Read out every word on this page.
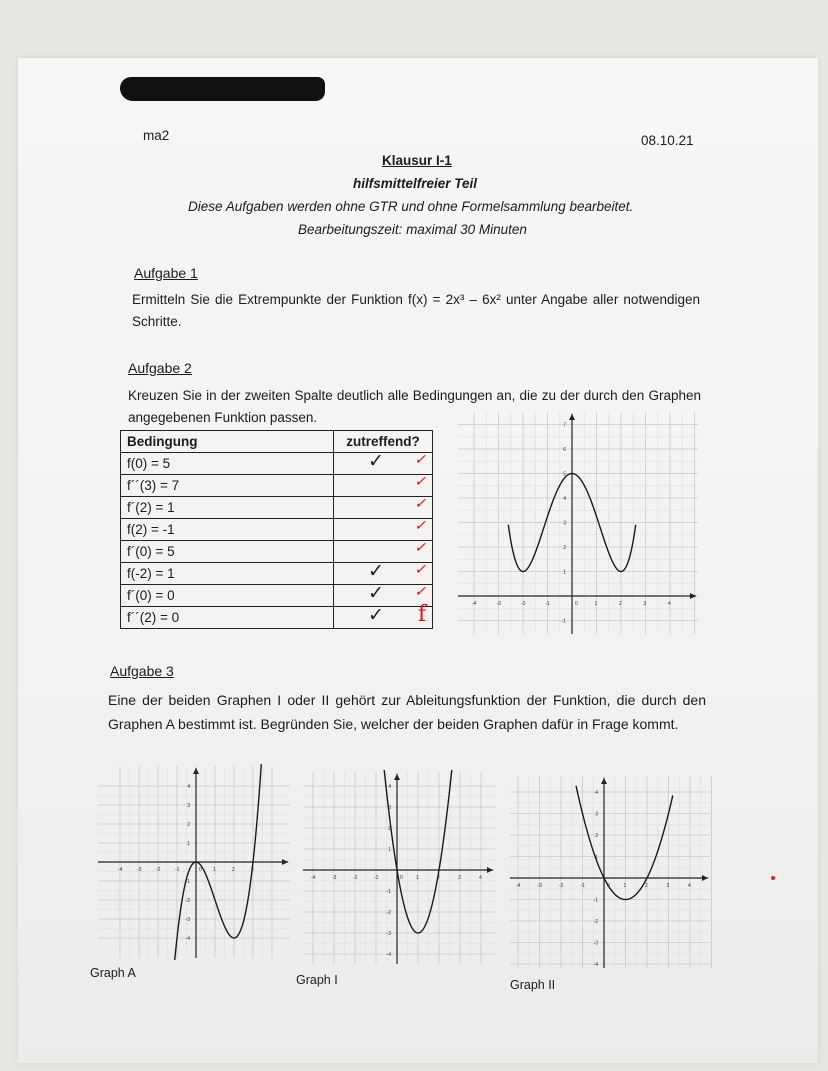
ma2	08.10.21
Klausur I-1
hilfsmittelfreier Teil
Diese Aufgaben werden ohne GTR und ohne Formelsammlung bearbeitet.
Bearbeitungszeit: maximal 30 Minuten
Aufgabe 1
Ermitteln Sie die Extrempunkte der Funktion f(x) = 2x³ – 6x² unter Angabe aller notwendigen Schritte.
Aufgabe 2
Kreuzen Sie in der zweiten Spalte deutlich alle Bedingungen an, die zu der durch den Graphen angegebenen Funktion passen.
Bedingung	zutreffend?
f(0) = 5	✓ ✓

f´´(3) = 7	✓

f´(2) = 1	✓

f(2) = -1	✓

f´(0) = 5	✓

f(-2) = 1	✓ ✓

f´(0) = 0	✓ ✓

f´´(2) = 0	✓ f	-4	-3	-2	-1	0	1	2	3	4
-1
1
2
3
4
5
6
7
Aufgabe 3
Eine der beiden Graphen I oder II gehört zur Ableitungsfunktion der Funktion, die durch den Graphen A bestimmt ist. Begründen Sie, welcher der beiden Graphen dafür in Frage kommt.
-4	-3	-2	-1	0 1	2	3
-4
-3
-2
-1
1
2
3
4
-4	-3	-2	-1	0	1	2	3	4
-4
-3
-2
-1
1
2
3
4
-4	-3	-2	-1	0	1	2	3	4
-4
-3
-2
-1
1
2
3
4
Graph A	Graph I	Graph II
